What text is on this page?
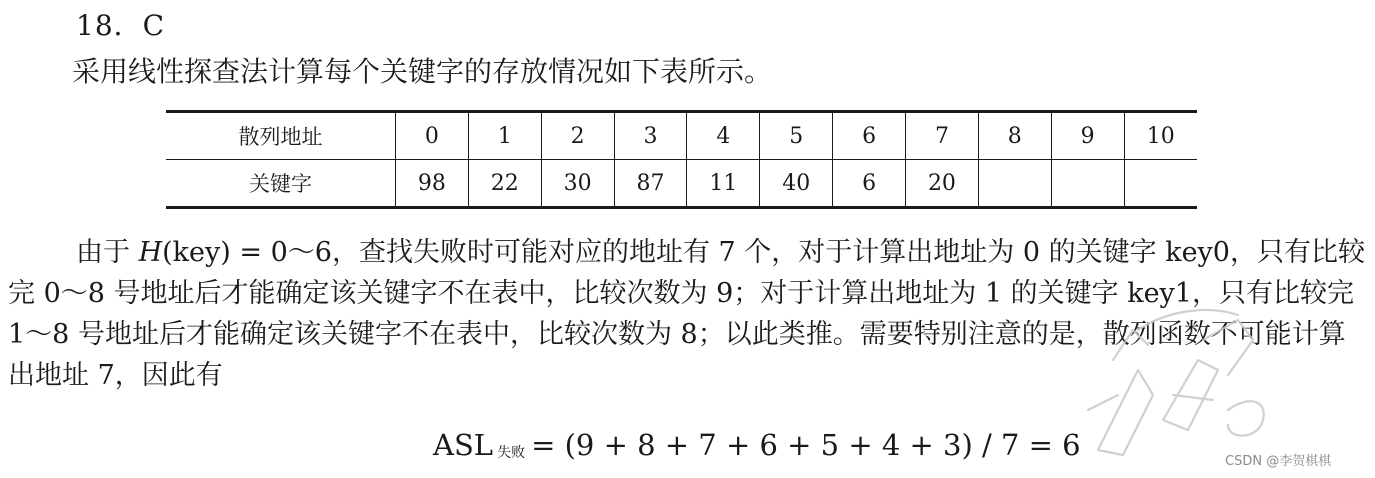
18．C
采用线性探查法计算每个关键字的存放情况如下表所示。
散列地址	0	1	2	3	4	5	6	7	8	9	10
关键字	98	22	30	87	11	40	6	20			
由于 H(key) = 0～6，查找失败时可能对应的地址有 7 个，对于计算出地址为 0 的关键字 key0，只有比较完 0～8 号地址后才能确定该关键字不在表中，比较次数为 9；对于计算出地址为 1 的关键字 key1，只有比较完 1～8 号地址后才能确定该关键字不在表中，比较次数为 8；以此类推。需要特别注意的是，散列函数不可能计算出地址 7，因此有
ASL 失败 = (9 + 8 + 7 + 6 + 5 + 4 + 3) / 7 = 6	CSDN @李贺棋棋
